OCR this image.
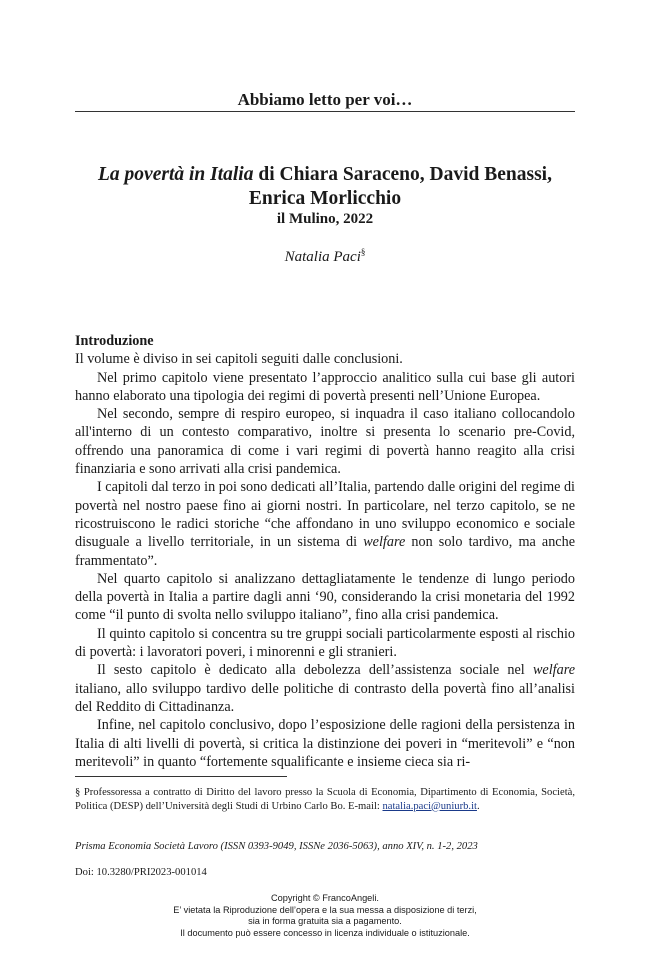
Abbiamo letto per voi…
La povertà in Italia di Chiara Saraceno, David Benassi,
Enrica Morlicchio
il Mulino, 2022
Natalia Paci§

Introduzione

Il volume è diviso in sei capitoli seguiti dalle conclusioni.

Nel primo capitolo viene presentato l’approccio analitico sulla cui base gli autori hanno elaborato una tipologia dei regimi di povertà presenti nell’Unione Europea.

Nel secondo, sempre di respiro europeo, si inquadra il caso italiano collocandolo all'interno di un contesto comparativo, inoltre si presenta lo scenario pre-Covid, offrendo una panoramica di come i vari regimi di povertà hanno reagito alla crisi finanziaria e sono arrivati alla crisi pandemica.

I capitoli dal terzo in poi sono dedicati all’Italia, partendo dalle origini del regime di povertà nel nostro paese fino ai giorni nostri. In particolare, nel terzo capitolo, se ne ricostruiscono le radici storiche “che affondano in uno sviluppo economico e sociale disuguale a livello territoriale, in un sistema di welfare non solo tardivo, ma anche frammentato”.

Nel quarto capitolo si analizzano dettagliatamente le tendenze di lungo periodo della povertà in Italia a partire dagli anni ‘90, considerando la crisi monetaria del 1992 come “il punto di svolta nello sviluppo italiano”, fino alla crisi pandemica.

Il quinto capitolo si concentra su tre gruppi sociali particolarmente esposti al rischio di povertà: i lavoratori poveri, i minorenni e gli stranieri.

Il sesto capitolo è dedicato alla debolezza dell’assistenza sociale nel welfare italiano, allo sviluppo tardivo delle politiche di contrasto della povertà fino all’analisi del Reddito di Cittadinanza.

Infine, nel capitolo conclusivo, dopo l’esposizione delle ragioni della persistenza in Italia di alti livelli di povertà, si critica la distinzione dei poveri in “meritevoli” e “non meritevoli” in quanto “fortemente squalificante e insieme cieca sia ri-

§ Professoressa a contratto di Diritto del lavoro presso la Scuola di Economia, Dipartimento di Economia, Società, Politica (DESP) dell’Università degli Studi di Urbino Carlo Bo. E-mail: natalia.paci@uniurb.it.
Prisma Economia Società Lavoro (ISSN 0393-9049, ISSNe 2036-5063), anno XIV, n. 1-2, 2023
Doi: 10.3280/PRI2023-001014
Copyright © FrancoAngeli.
E’ vietata la Riproduzione dell’opera e la sua messa a disposizione di terzi,
sia in forma gratuita sia a pagamento.
Il documento può essere concesso in licenza individuale o istituzionale.
